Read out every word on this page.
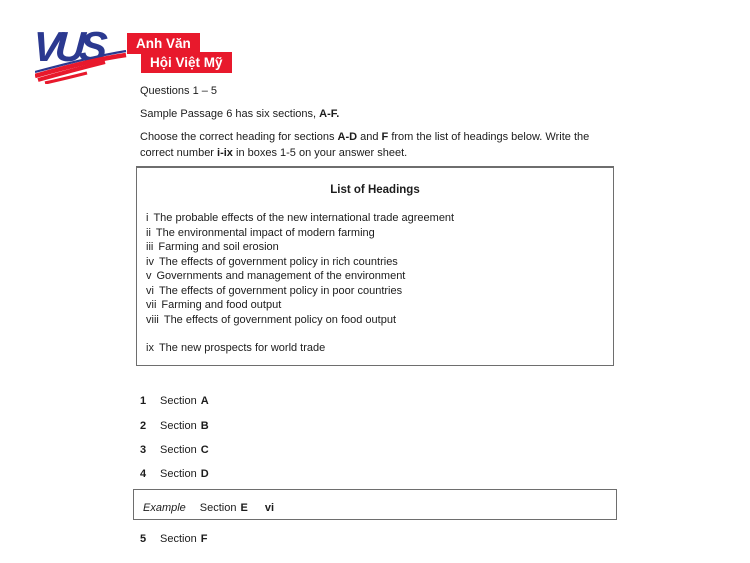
VUS	Anh Văn
Hội Việt Mỹ
Questions 1 – 5
Sample Passage 6 has six sections, A-F.
Choose the correct heading for sections A-D and F from the list of headings below. Write the
correct number i-ix in boxes 1-5 on your answer sheet.
List of Headings
i The probable effects of the new international trade agreement
ii The environmental impact of modern farming
iii Farming and soil erosion
iv The effects of government policy in rich countries
v Governments and management of the environment
vi The effects of government policy in poor countries
vii Farming and food output
viii The effects of government policy on food output
ix The new prospects for world trade
1	Section A
2	Section B
3	Section C
4	Section D
Example Section E vi
5	Section F
